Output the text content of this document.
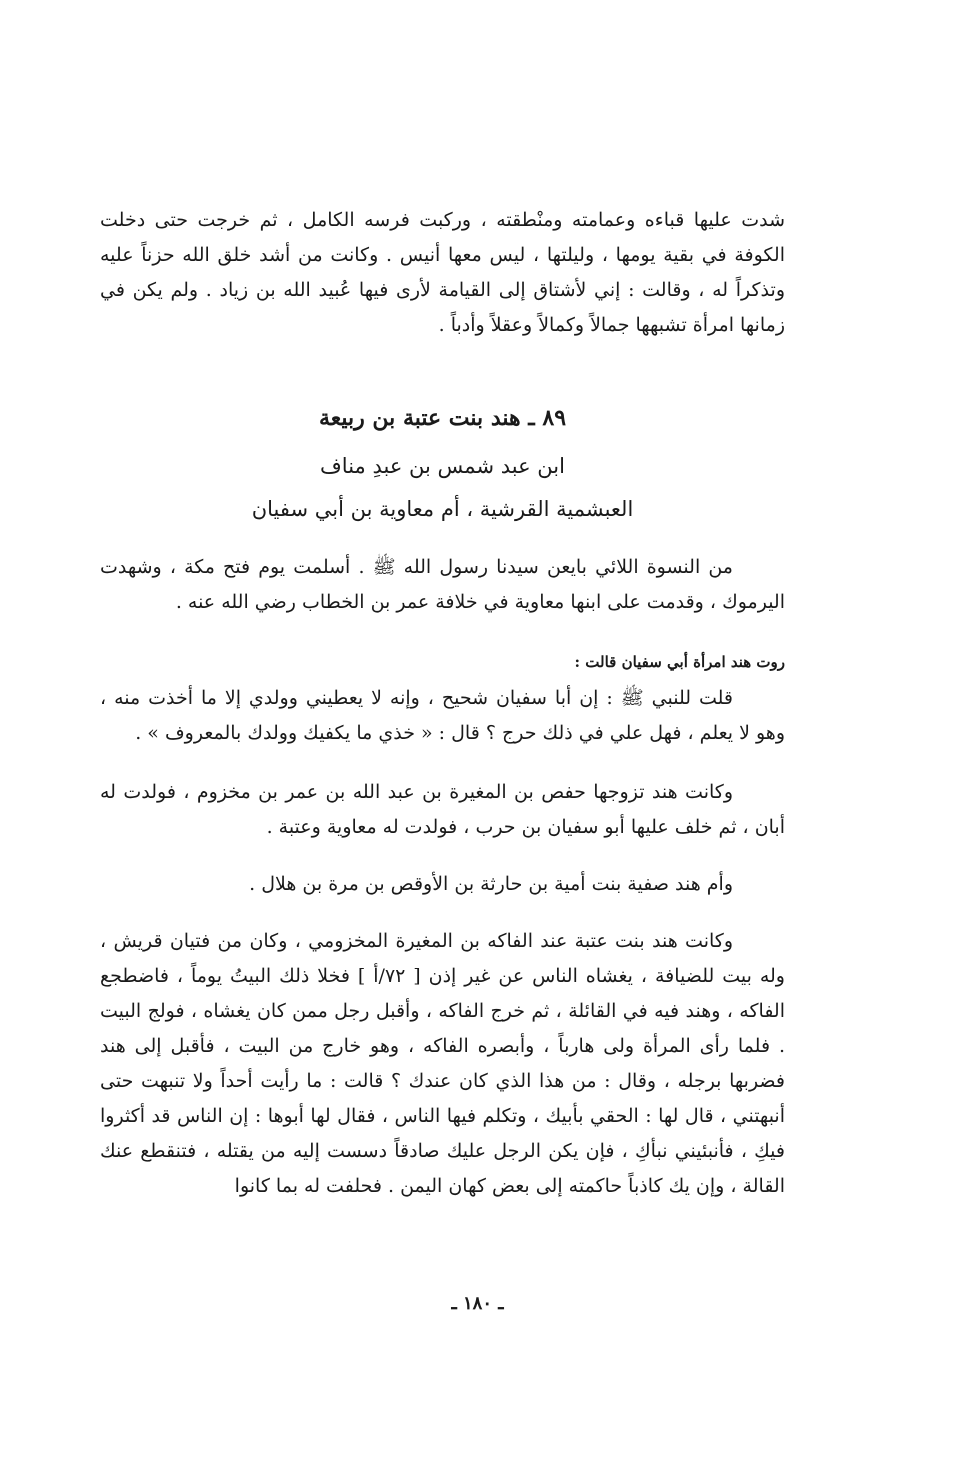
شدت عليها قباءه وعمامته ومنْطقته ، وركبت فرسه الكامل ، ثم خرجت حتى دخلت الكوفة في بقية يومها ، وليلتها ، ليس معها أنيس . وكانت من أشد خلق الله حزناً عليه وتذكراً له ، وقالت : إني لأشتاق إلى القيامة لأرى فيها عُبيد الله بن زياد . ولم يكن في زمانها امرأة تشبهها جمالاً وكمالاً وعقلاً وأدباً .

٨٩ ـ هند بنت عتبة بن ربيعة
ابن عبد شمس بن عبدِ مناف
العبشمية القرشية ، أم معاوية بن أبي سفيان

من النسوة اللائي بايعن سيدنا رسول الله ﷺ . أسلمت يوم فتح مكة ، وشهدت اليرموك ، وقدمت على ابنها معاوية في خلافة عمر بن الخطاب رضي الله عنه .

روت هند امرأة أبي سفيان قالت :

قلت للنبي ﷺ : إن أبا سفيان شحيح ، وإنه لا يعطيني وولدي إلا ما أخذت منه ، وهو لا يعلم ، فهل علي في ذلك حرج ؟ قال : « خذي ما يكفيك وولدك بالمعروف » .

وكانت هند تزوجها حفص بن المغيرة بن عبد الله بن عمر بن مخزوم ، فولدت له أبان ، ثم خلف عليها أبو سفيان بن حرب ، فولدت له معاوية وعتبة .

وأم هند صفية بنت أمية بن حارثة بن الأوقص بن مرة بن هلال .

وكانت هند بنت عتبة عند الفاكه بن المغيرة المخزومي ، وكان من فتيان قريش ، وله بيت للضيافة ، يغشاه الناس عن غير إذن [ ٧٢/أ ] فخلا ذلك البيتُ يوماً ، فاضطجع الفاكه ، وهند فيه في القائلة ، ثم خرج الفاكه ، وأقبل رجل ممن كان يغشاه ، فولج البيت . فلما رأى المرأة ولى هارباً ، وأبصره الفاكه ، وهو خارج من البيت ، فأقبل إلى هند فضربها برجله ، وقال : من هذا الذي كان عندك ؟ قالت : ما رأيت أحداً ولا تنبهت حتى أنبهتني ، قال لها : الحقي بأبيك ، وتكلم فيها الناس ، فقال لها أبوها : إن الناس قد أكثروا فيكِ ، فأنبئيني نبأكِ ، فإن يكن الرجل عليك صادقاً دسست إليه من يقتله ، فتنقطع عنك القالة ، وإن يك كاذباً حاكمته إلى بعض كهان اليمن . فحلفت له بما كانوا

ـ ١٨٠ ـ
